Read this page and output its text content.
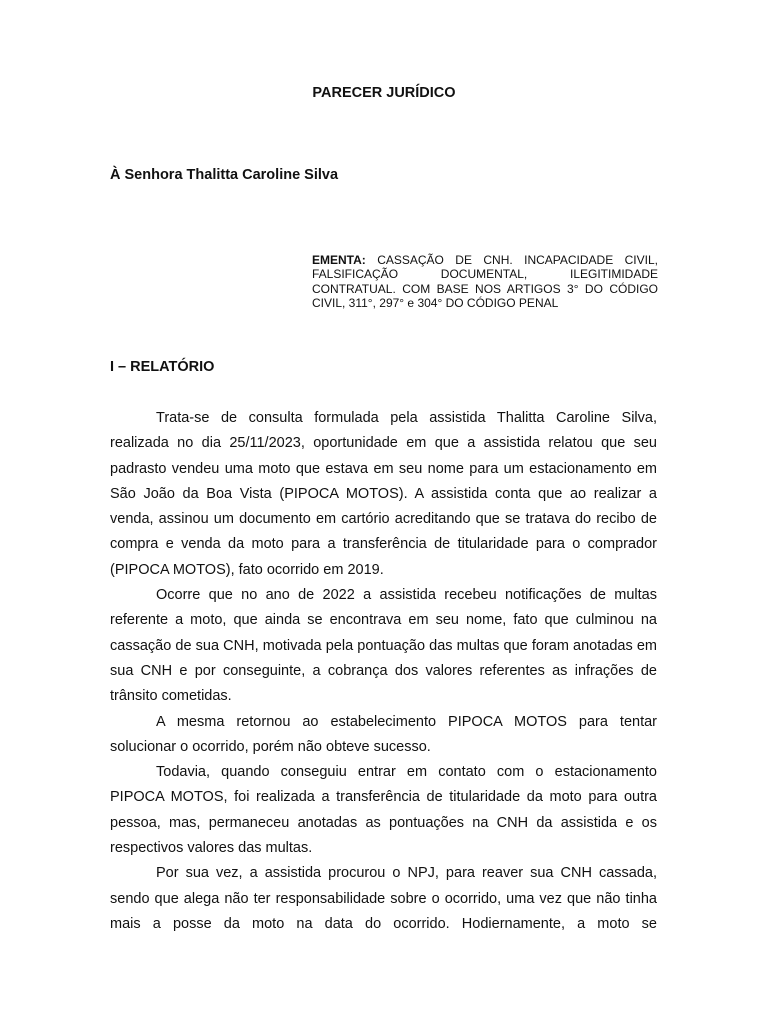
PARECER JURÍDICO
À Senhora Thalitta Caroline Silva
EMENTA: CASSAÇÃO DE CNH. INCAPACIDADE CIVIL, FALSIFICAÇÃO DOCUMENTAL, ILEGITIMIDADE CONTRATUAL. COM BASE NOS ARTIGOS 3° DO CÓDIGO CIVIL, 311°, 297° e 304° DO CÓDIGO PENAL
I – RELATÓRIO

Trata-se de consulta formulada pela assistida Thalitta Caroline Silva, realizada no dia 25/11/2023, oportunidade em que a assistida relatou que seu padrasto vendeu uma moto que estava em seu nome para um estacionamento em São João da Boa Vista (PIPOCA MOTOS). A assistida conta que ao realizar a venda, assinou um documento em cartório acreditando que se tratava do recibo de compra e venda da moto para a transferência de titularidade para o comprador (PIPOCA MOTOS), fato ocorrido em 2019.

Ocorre que no ano de 2022 a assistida recebeu notificações de multas referente a moto, que ainda se encontrava em seu nome, fato que culminou na cassação de sua CNH, motivada pela pontuação das multas que foram anotadas em sua CNH e por conseguinte, a cobrança dos valores referentes as infrações de trânsito cometidas.

A mesma retornou ao estabelecimento PIPOCA MOTOS para tentar solucionar o ocorrido, porém não obteve sucesso.

Todavia, quando conseguiu entrar em contato com o estacionamento PIPOCA MOTOS, foi realizada a transferência de titularidade da moto para outra pessoa, mas, permaneceu anotadas as pontuações na CNH da assistida e os respectivos valores das multas.

Por sua vez, a assistida procurou o NPJ, para reaver sua CNH cassada, sendo que alega não ter responsabilidade sobre o ocorrido, uma vez que não tinha mais a posse da moto na data do ocorrido. Hodiernamente, a moto se
